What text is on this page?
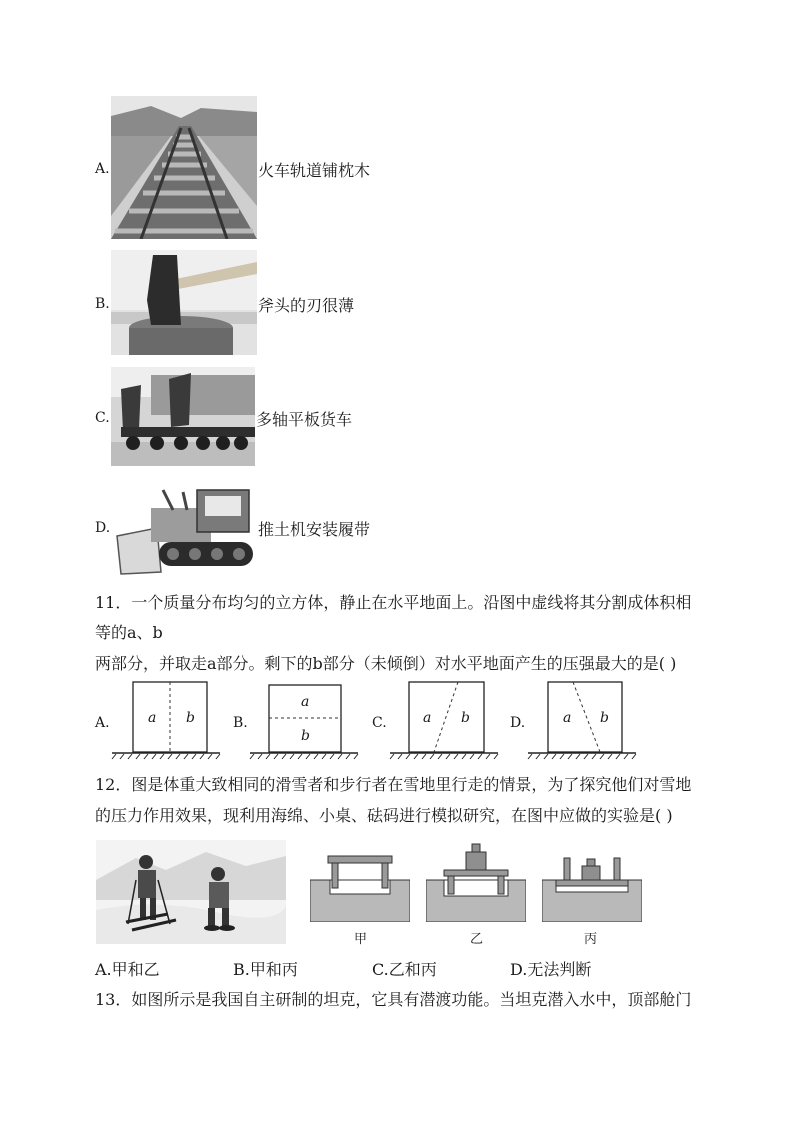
A.	火车轨道铺枕木
B.	斧头的刃很薄
C.	多轴平板货车
D.	推土机安装履带
11．一个质量分布均匀的立方体，静止在水平地面上。沿图中虚线将其分割成体积相
等的a、b
两部分，并取走a部分。剩下的b部分（未倾倒）对水平地面产生的压强最大的是( )
A.	a b	B.
a
b
C.	a b	D.	a b
12．图是体重大致相同的滑雪者和步行者在雪地里行走的情景，为了探究他们对雪地
的压力作用效果，现利用海绵、小桌、砝码进行模拟研究，在图中应做的实验是( )
甲	乙	丙
A.甲和乙	B.甲和丙	C.乙和丙	D.无法判断
13．如图所示是我国自主研制的坦克，它具有潜渡功能。当坦克潜入水中，顶部舱门
